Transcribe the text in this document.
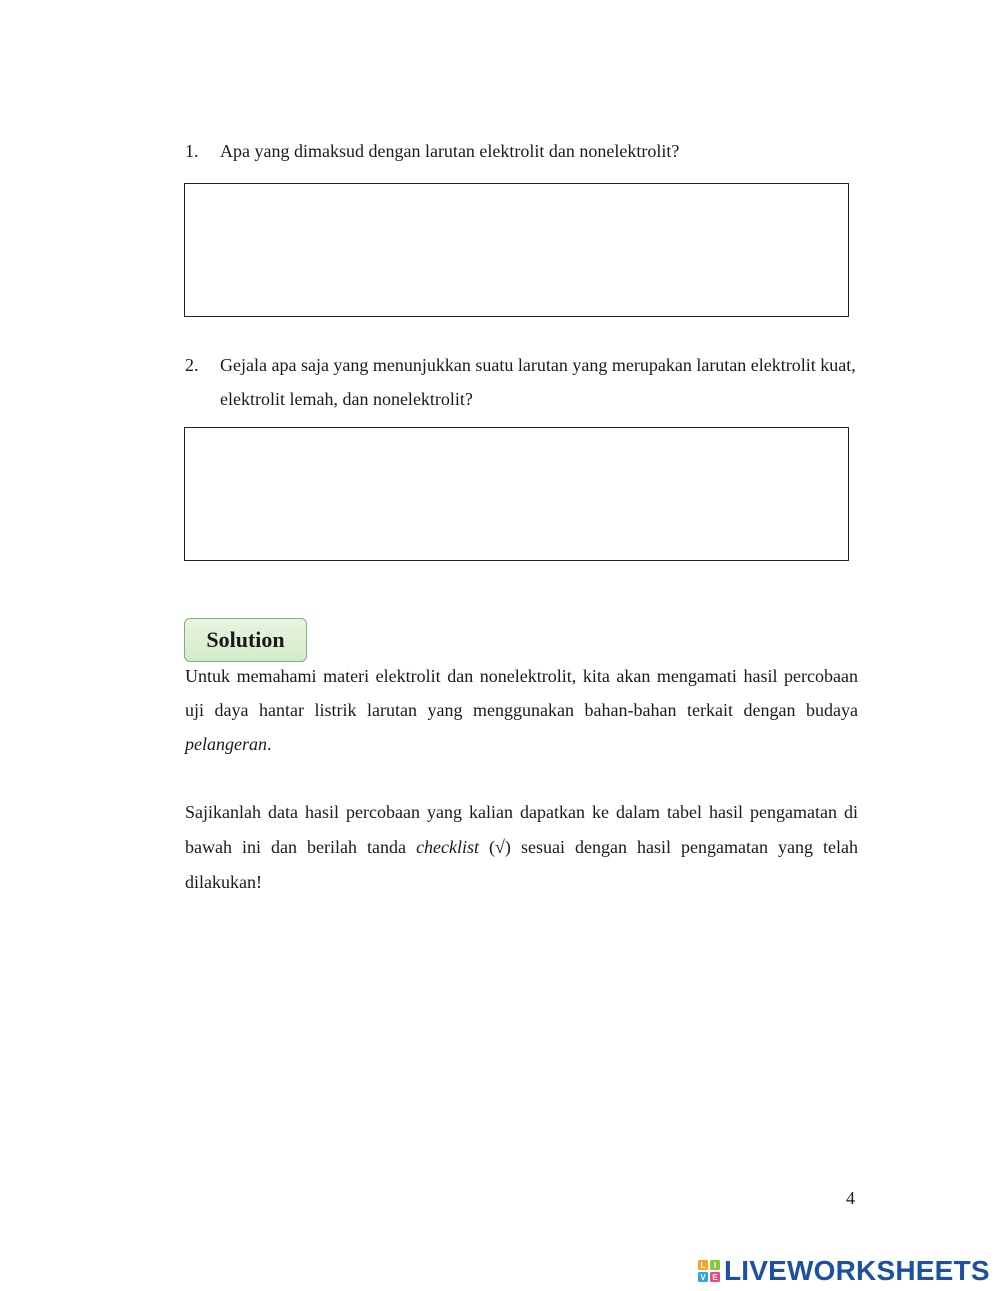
1. Apa yang dimaksud dengan larutan elektrolit dan nonelektrolit?
2. Gejala apa saja yang menunjukkan suatu larutan yang merupakan larutan elektrolit kuat, elektrolit lemah, dan nonelektrolit?
Solution
Untuk memahami materi elektrolit dan nonelektrolit, kita akan mengamati hasil percobaan uji daya hantar listrik larutan yang menggunakan bahan-bahan terkait dengan budaya pelangeran.
Sajikanlah data hasil percobaan yang kalian dapatkan ke dalam tabel hasil pengamatan di bawah ini dan berilah tanda checklist (√) sesuai dengan hasil pengamatan yang telah dilakukan!
4
L I
V E LIVEWORKSHEETS
